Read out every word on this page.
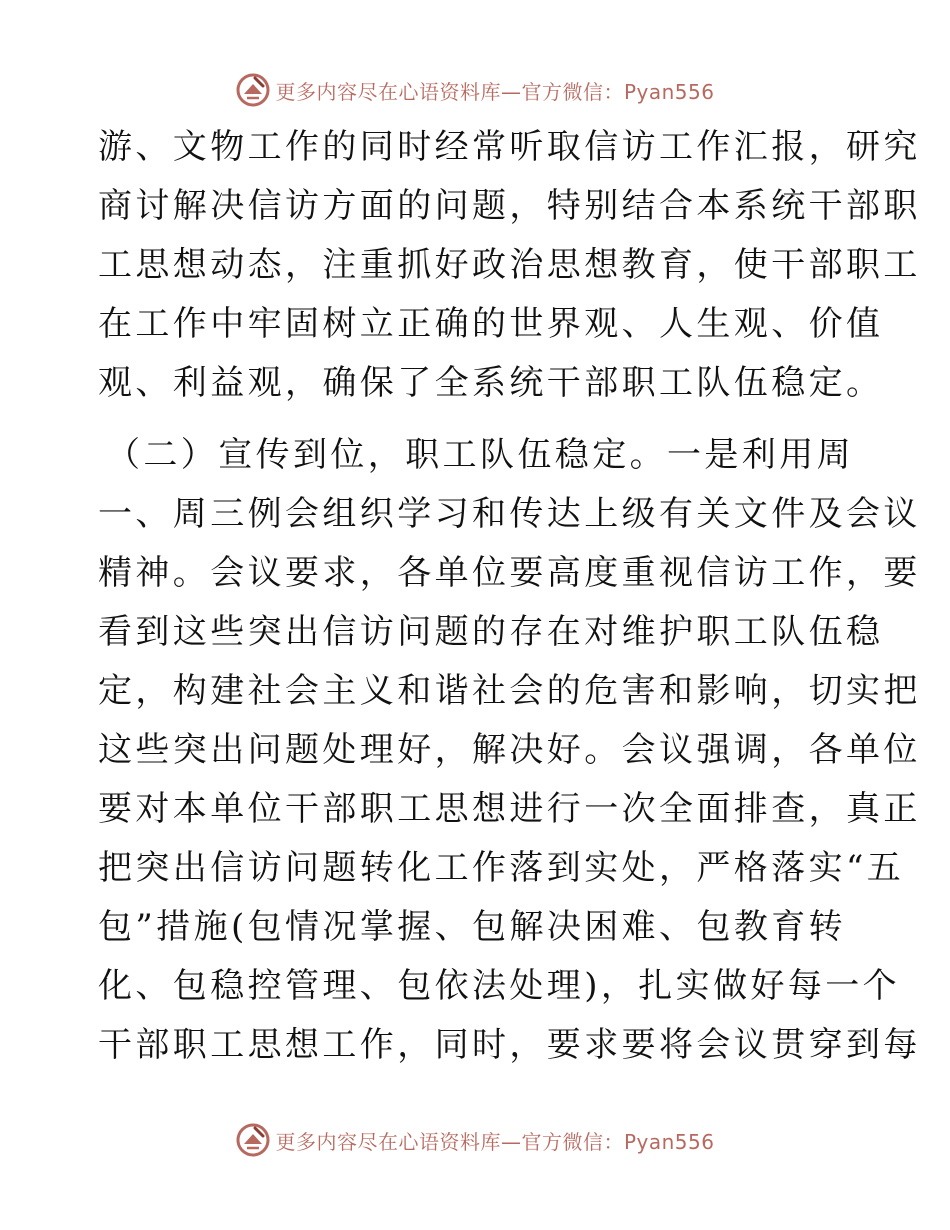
更多内容尽在心语资料库—官方微信：Pyan556
游、文物工作的同时经常听取信访工作汇报，研究
商讨解决信访方面的问题，特别结合本系统干部职
工思想动态，注重抓好政治思想教育，使干部职工
在工作中牢固树立正确的世界观、人生观、价值
观、利益观，确保了全系统干部职工队伍稳定。
（二）宣传到位，职工队伍稳定。一是利用周
一、周三例会组织学习和传达上级有关文件及会议
精神。会议要求，各单位要高度重视信访工作，要
看到这些突出信访问题的存在对维护职工队伍稳
定，构建社会主义和谐社会的危害和影响，切实把
这些突出问题处理好，解决好。会议强调，各单位
要对本单位干部职工思想进行一次全面排查，真正
把突出信访问题转化工作落到实处，严格落实“五
包”措施(包情况掌握、包解决困难、包教育转
化、包稳控管理、包依法处理)，扎实做好每一个
干部职工思想工作，同时，要求要将会议贯穿到每
更多内容尽在心语资料库—官方微信：Pyan556
